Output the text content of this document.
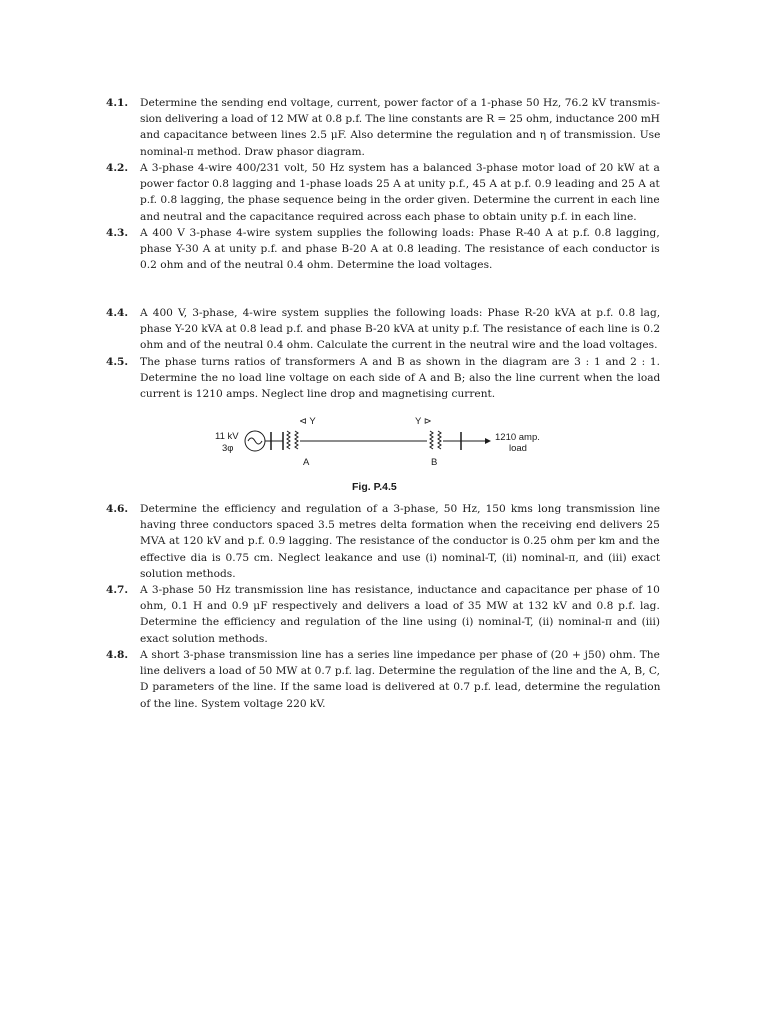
4.1.	Determine the sending end voltage, current, power factor of a 1-phase 50 Hz, 76.2 kV transmis-
sion delivering a load of 12 MW at 0.8 p.f. The line constants are R = 25 ohm, inductance 200 mH
and capacitance between lines 2.5 μF. Also determine the regulation and η of transmission. Use
nominal-π method. Draw phasor diagram.
4.2.	A 3-phase 4-wire 400/231 volt, 50 Hz system has a balanced 3-phase motor load of 20 kW at a
power factor 0.8 lagging and 1-phase loads 25 A at unity p.f., 45 A at p.f. 0.9 leading and 25 A at
p.f. 0.8 lagging, the phase sequence being in the order given. Determine the current in each line
and neutral and the capacitance required across each phase to obtain unity p.f. in each line.
4.3.	A 400 V 3-phase 4-wire system supplies the following loads: Phase R-40 A at p.f. 0.8 lagging,
phase Y-30 A at unity p.f. and phase B-20 A at 0.8 leading. The resistance of each conductor is
0.2 ohm and of the neutral 0.4 ohm. Determine the load voltages.
4.4.	A 400 V, 3-phase, 4-wire system supplies the following loads: Phase R-20 kVA at p.f. 0.8 lag,
phase Y-20 kVA at 0.8 lead p.f. and phase B-20 kVA at unity p.f. The resistance of each line is 0.2
ohm and of the neutral 0.4 ohm. Calculate the current in the neutral wire and the load voltages.
4.5.	The phase turns ratios of transformers A and B as shown in the diagram are 3 : 1 and 2 : 1.
Determine the no load line voltage on each side of A and B; also the line current when the load
current is 1210 amps. Neglect line drop and magnetising current.
11 kV
3φ
⊲ Y
A
Y ⊳
B
1210 amp.
load
Fig. P.4.5
4.6.	Determine the efficiency and regulation of a 3-phase, 50 Hz, 150 kms long transmission line
having three conductors spaced 3.5 metres delta formation when the receiving end delivers 25
MVA at 120 kV and p.f. 0.9 lagging. The resistance of the conductor is 0.25 ohm per km and the
effective dia is 0.75 cm. Neglect leakance and use (i) nominal-T, (ii) nominal-π, and (iii) exact
solution methods.
4.7.	A 3-phase 50 Hz transmission line has resistance, inductance and capacitance per phase of 10
ohm, 0.1 H and 0.9 μF respectively and delivers a load of 35 MW at 132 kV and 0.8 p.f. lag.
Determine the efficiency and regulation of the line using (i) nominal-T, (ii) nominal-π and (iii)
exact solution methods.
4.8.	A short 3-phase transmission line has a series line impedance per phase of (20 + j50) ohm. The
line delivers a load of 50 MW at 0.7 p.f. lag. Determine the regulation of the line and the A, B, C,
D parameters of the line. If the same load is delivered at 0.7 p.f. lead, determine the regulation
of the line. System voltage 220 kV.
